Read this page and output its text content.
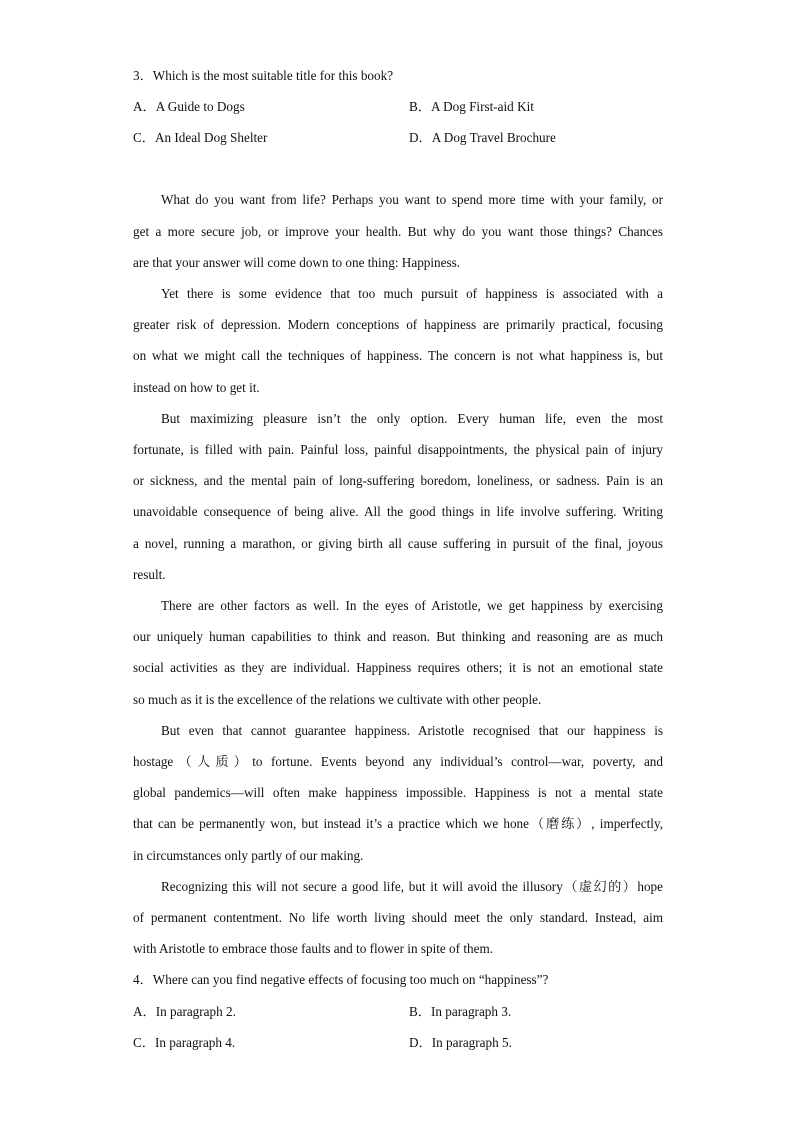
3．Which is the most suitable title for this book?
A．A Guide to Dogs	B．A Dog First-aid Kit
C．An Ideal Dog Shelter	D．A Dog Travel Brochure
What do you want from life? Perhaps you want to spend more time with your family, or
get a more secure job, or improve your health. But why do you want those things? Chances
are that your answer will come down to one thing: Happiness.
Yet there is some evidence that too much pursuit of happiness is associated with a
greater risk of depression. Modern conceptions of happiness are primarily practical, focusing
on what we might call the techniques of happiness. The concern is not what happiness is, but
instead on how to get it.
But maximizing pleasure isn’t the only option. Every human life, even the most
fortunate, is filled with pain. Painful loss, painful disappointments, the physical pain of injury
or sickness, and the mental pain of long-suffering boredom, loneliness, or sadness. Pain is an
unavoidable consequence of being alive. All the good things in life involve suffering. Writing
a novel, running a marathon, or giving birth all cause suffering in pursuit of the final, joyous
result.
There are other factors as well. In the eyes of Aristotle, we get happiness by exercising
our uniquely human capabilities to think and reason. But thinking and reasoning are as much
social activities as they are individual. Happiness requires others; it is not an emotional state
so much as it is the excellence of the relations we cultivate with other people.
But even that cannot guarantee happiness. Aristotle recognised that our happiness is
hostage（人质）to fortune. Events beyond any individual’s control—war, poverty, and
global pandemics—will often make happiness impossible. Happiness is not a mental state
that can be permanently won, but instead it’s a practice which we hone（磨练）, imperfectly,
in circumstances only partly of our making.
Recognizing this will not secure a good life, but it will avoid the illusory（虚幻的）hope
of permanent contentment. No life worth living should meet the only standard. Instead, aim
with Aristotle to embrace those faults and to flower in spite of them.
4．Where can you find negative effects of focusing too much on “happiness”?
A．In paragraph 2.	B．In paragraph 3.
C．In paragraph 4.	D．In paragraph 5.
